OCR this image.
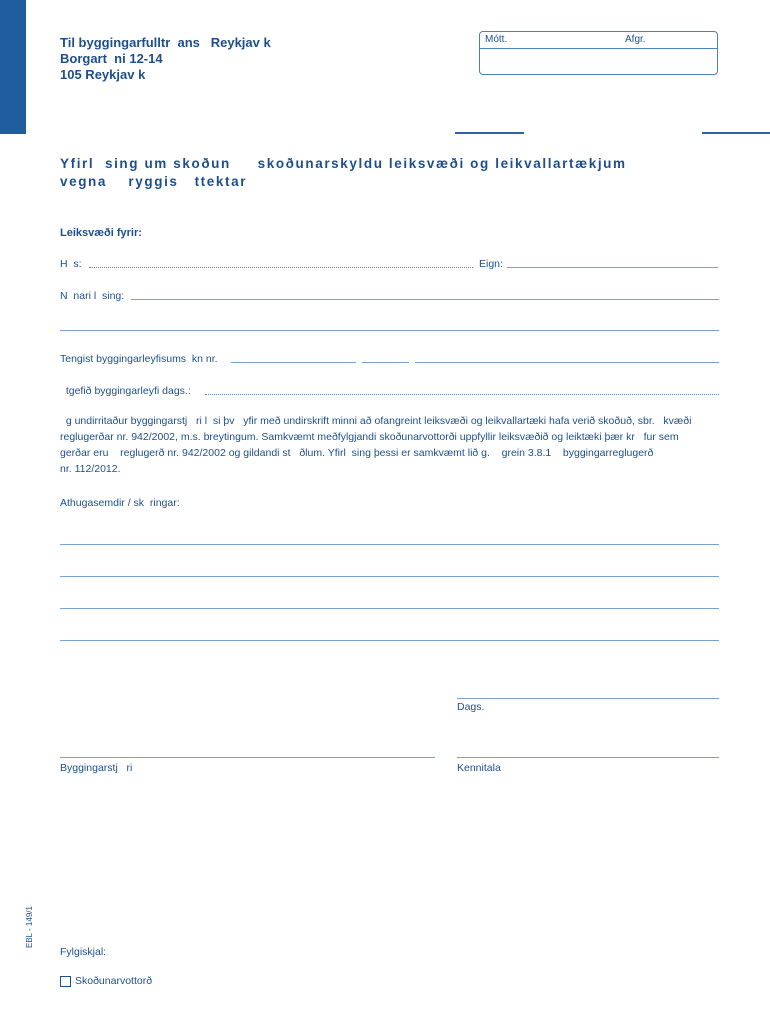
Til byggingarfulltr  ans   Reykjav k
Borgart  ni 12-14
105 Reykjav k
Mótt.	Afgr.
Yfirl  sing um skoðun     skoðunarskyldu leiksvæði og leikvallartækjum
vegna    ryggis   ttektar
Leiksvæði fyrir:
H  s:	Eign:
N  nari l  sing:
Tengist byggingarleyfisums  kn nr.
tgefið byggingarleyfi dags.:
g undirritaður byggingarstj   ri l  si þv   yfir með undirskrift minni að ofangreint leiksvæði og leikvallartæki hafa verið skoðuð, sbr.   kvæði
reglugerðar nr. 942/2002, m.s. breytingum. Samkvæmt meðfylgjandi skoðunarvottorði uppfyllir leiksvæðið og leiktæki þær kr   fur sem
gerðar eru    reglugerð nr. 942/2002 og gildandi st   ðlum. Yfirl  sing þessi er samkvæmt lið g.    grein 3.8.1    byggingarreglugerð
nr. 112/2012.
Athugasemdir / sk  ringar:
Dags.
Byggingarstj   ri	Kennitala
EBL - 149/1
Fylgiskjal:
Skoðunarvottorð
